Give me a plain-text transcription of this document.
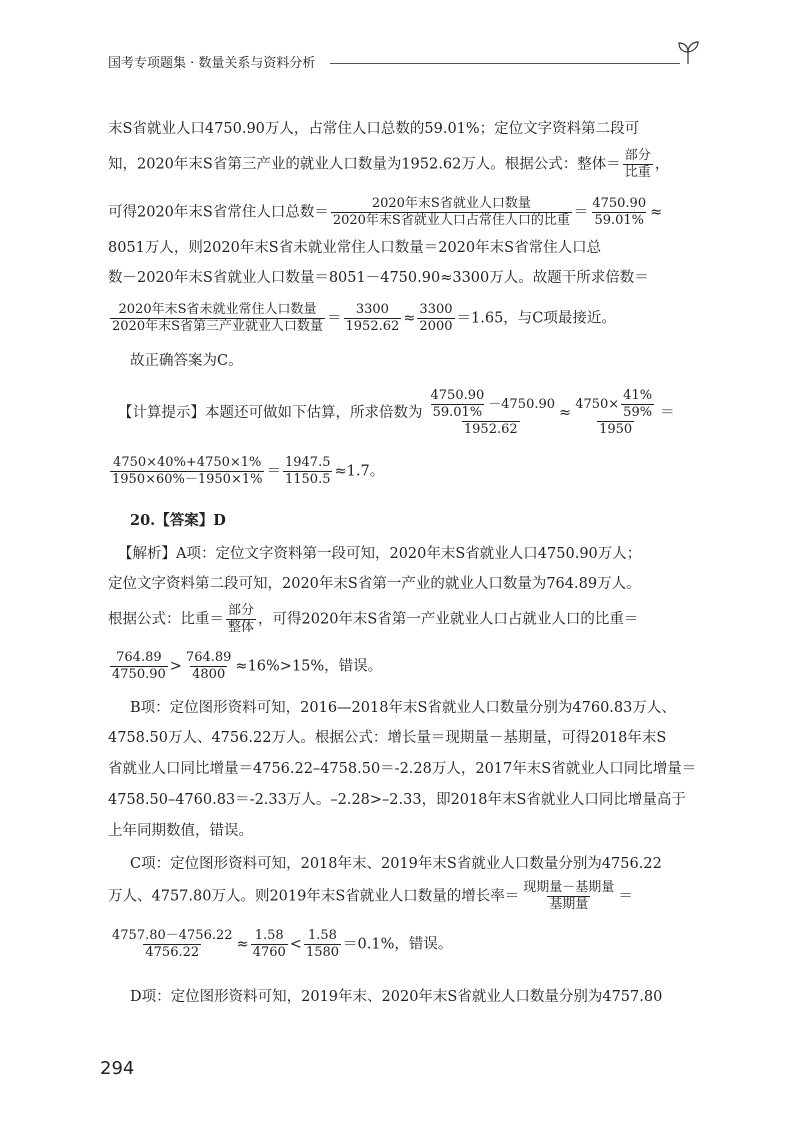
国考专项题集 · 数量关系与资料分析
末S省就业人口4750.90万人，占常住人口总数的59.01%；定位文字资料第二段可
知，2020年末S省第三产业的就业人口数量为1952.62万人。根据公式：整体＝ $\frac{\text{部分}}{\text{比重}}$ ，
可得2020年末S省常住人口总数＝ $\frac{\text{2020年末S省就业人口数量}}{\text{2020年末S省就业人口占常住人口的比重}} = \frac{4750.90}{59.01\%}$ ≈
8051万人，则2020年末S省未就业常住人口数量＝2020年末S省常住人口总
数－2020年末S省就业人口数量＝8051－4750.90≈3300万人。故题干所求倍数＝
$\frac{\text{2020年末S省未就业常住人口数量}}{\text{2020年末S省第三产业就业人口数量}} = \frac{3300}{1952.62} \approx \frac{3300}{2000} =1.65$，与C项最接近。
故正确答案为C。
【计算提示】本题还可做如下估算，所求倍数为 $\frac{\frac{4750.90}{59.01\%} -4750.90}{1952.62} \approx \frac{4750\times \frac{41\%}{59\%}}{1950}$ ＝
$\frac{4750\times 40\%+4750\times 1\%}{1950\times 60\%-1950\times 1\%} = \frac{1947.5}{1150.5} \approx 1.7$。
20.【答案】D
【解析】A项：定位文字资料第一段可知，2020年末S省就业人口4750.90万人；
定位文字资料第二段可知，2020年末S省第一产业的就业人口数量为764.89万人。
根据公式：比重＝ $\frac{\text{部分}}{\text{整体}}$ ，可得2020年末S省第一产业就业人口占就业人口的比重＝
$\frac{764.89}{4750.90} > \frac{764.89}{4800} \approx 16\%>15\%$，错误。
B项：定位图形资料可知，2016—2018年末S省就业人口数量分别为4760.83万人、
4758.50万人、4756.22万人。根据公式：增长量＝现期量－基期量，可得2018年末S
省就业人口同比增量＝4756.22–4758.50＝-2.28万人，2017年末S省就业人口同比增量＝
4758.50–4760.83＝-2.33万人。–2.28>–2.33，即2018年末S省就业人口同比增量高于
上年同期数值，错误。
C项：定位图形资料可知，2018年末、2019年末S省就业人口数量分别为4756.22
万人、4757.80万人。则2019年末S省就业人口数量的增长率＝ $\frac{\text{现期量－基期量}}{\text{基期量}}$ ＝
$\frac{4757.80-4756.22}{4756.22} \approx \frac{1.58}{4760} < \frac{1.58}{1580} =0.1\%$，错误。
D项：定位图形资料可知，2019年末、2020年末S省就业人口数量分别为4757.80
294
